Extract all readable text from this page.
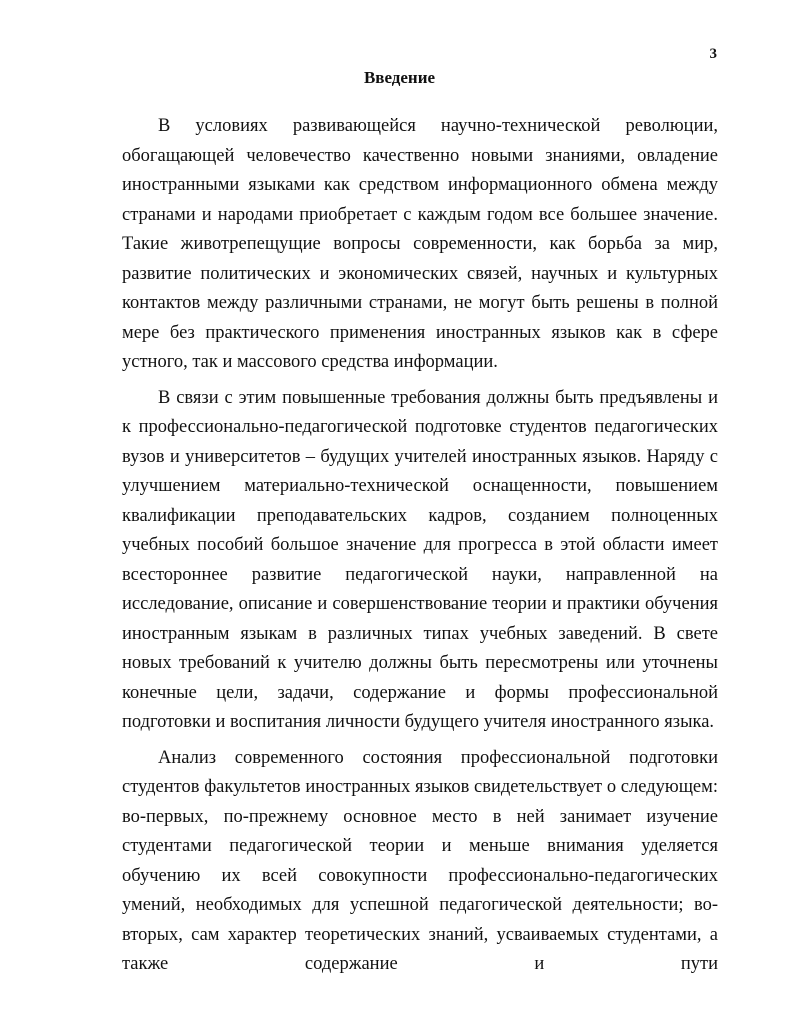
3
Введение

В условиях развивающейся научно-технической революции, обогащающей человечество качественно новыми знаниями, овладение иностранными языками как средством информационного обмена между странами и народами приобретает с каждым годом все большее значение. Такие животрепещущие вопросы современности, как борьба за мир, развитие политических и экономических связей, научных и культурных контактов между различными странами, не могут быть решены в полной мере без практического применения иностранных языков как в сфере устного, так и массового средства информации.

В связи с этим повышенные требования должны быть предъявлены и к профессионально-педагогической подготовке студентов педагогических вузов и университетов – будущих учителей иностранных языков. Наряду с улучшением материально-технической оснащенности, повышением квалификации преподавательских кадров, созданием полноценных учебных пособий большое значение для прогресса в этой области имеет всестороннее развитие педагогической науки, направленной на исследование, описание и совершенствование теории и практики обучения иностранным языкам в различных типах учебных заведений. В свете новых требований к учителю должны быть пересмотрены или уточнены конечные цели, задачи, содержание и формы профессиональной подготовки и воспитания личности будущего учителя иностранного языка.

Анализ современного состояния профессиональной подготовки студентов факультетов иностранных языков свидетельствует о следующем: во-первых, по-прежнему основное место в ней занимает изучение студентами педагогической теории и меньше внимания уделяется обучению их всей совокупности профессионально-педагогических умений, необходимых для успешной педагогической деятельности; во-вторых, сам характер теоретических знаний, усваиваемых студентами, а также содержание и пути
